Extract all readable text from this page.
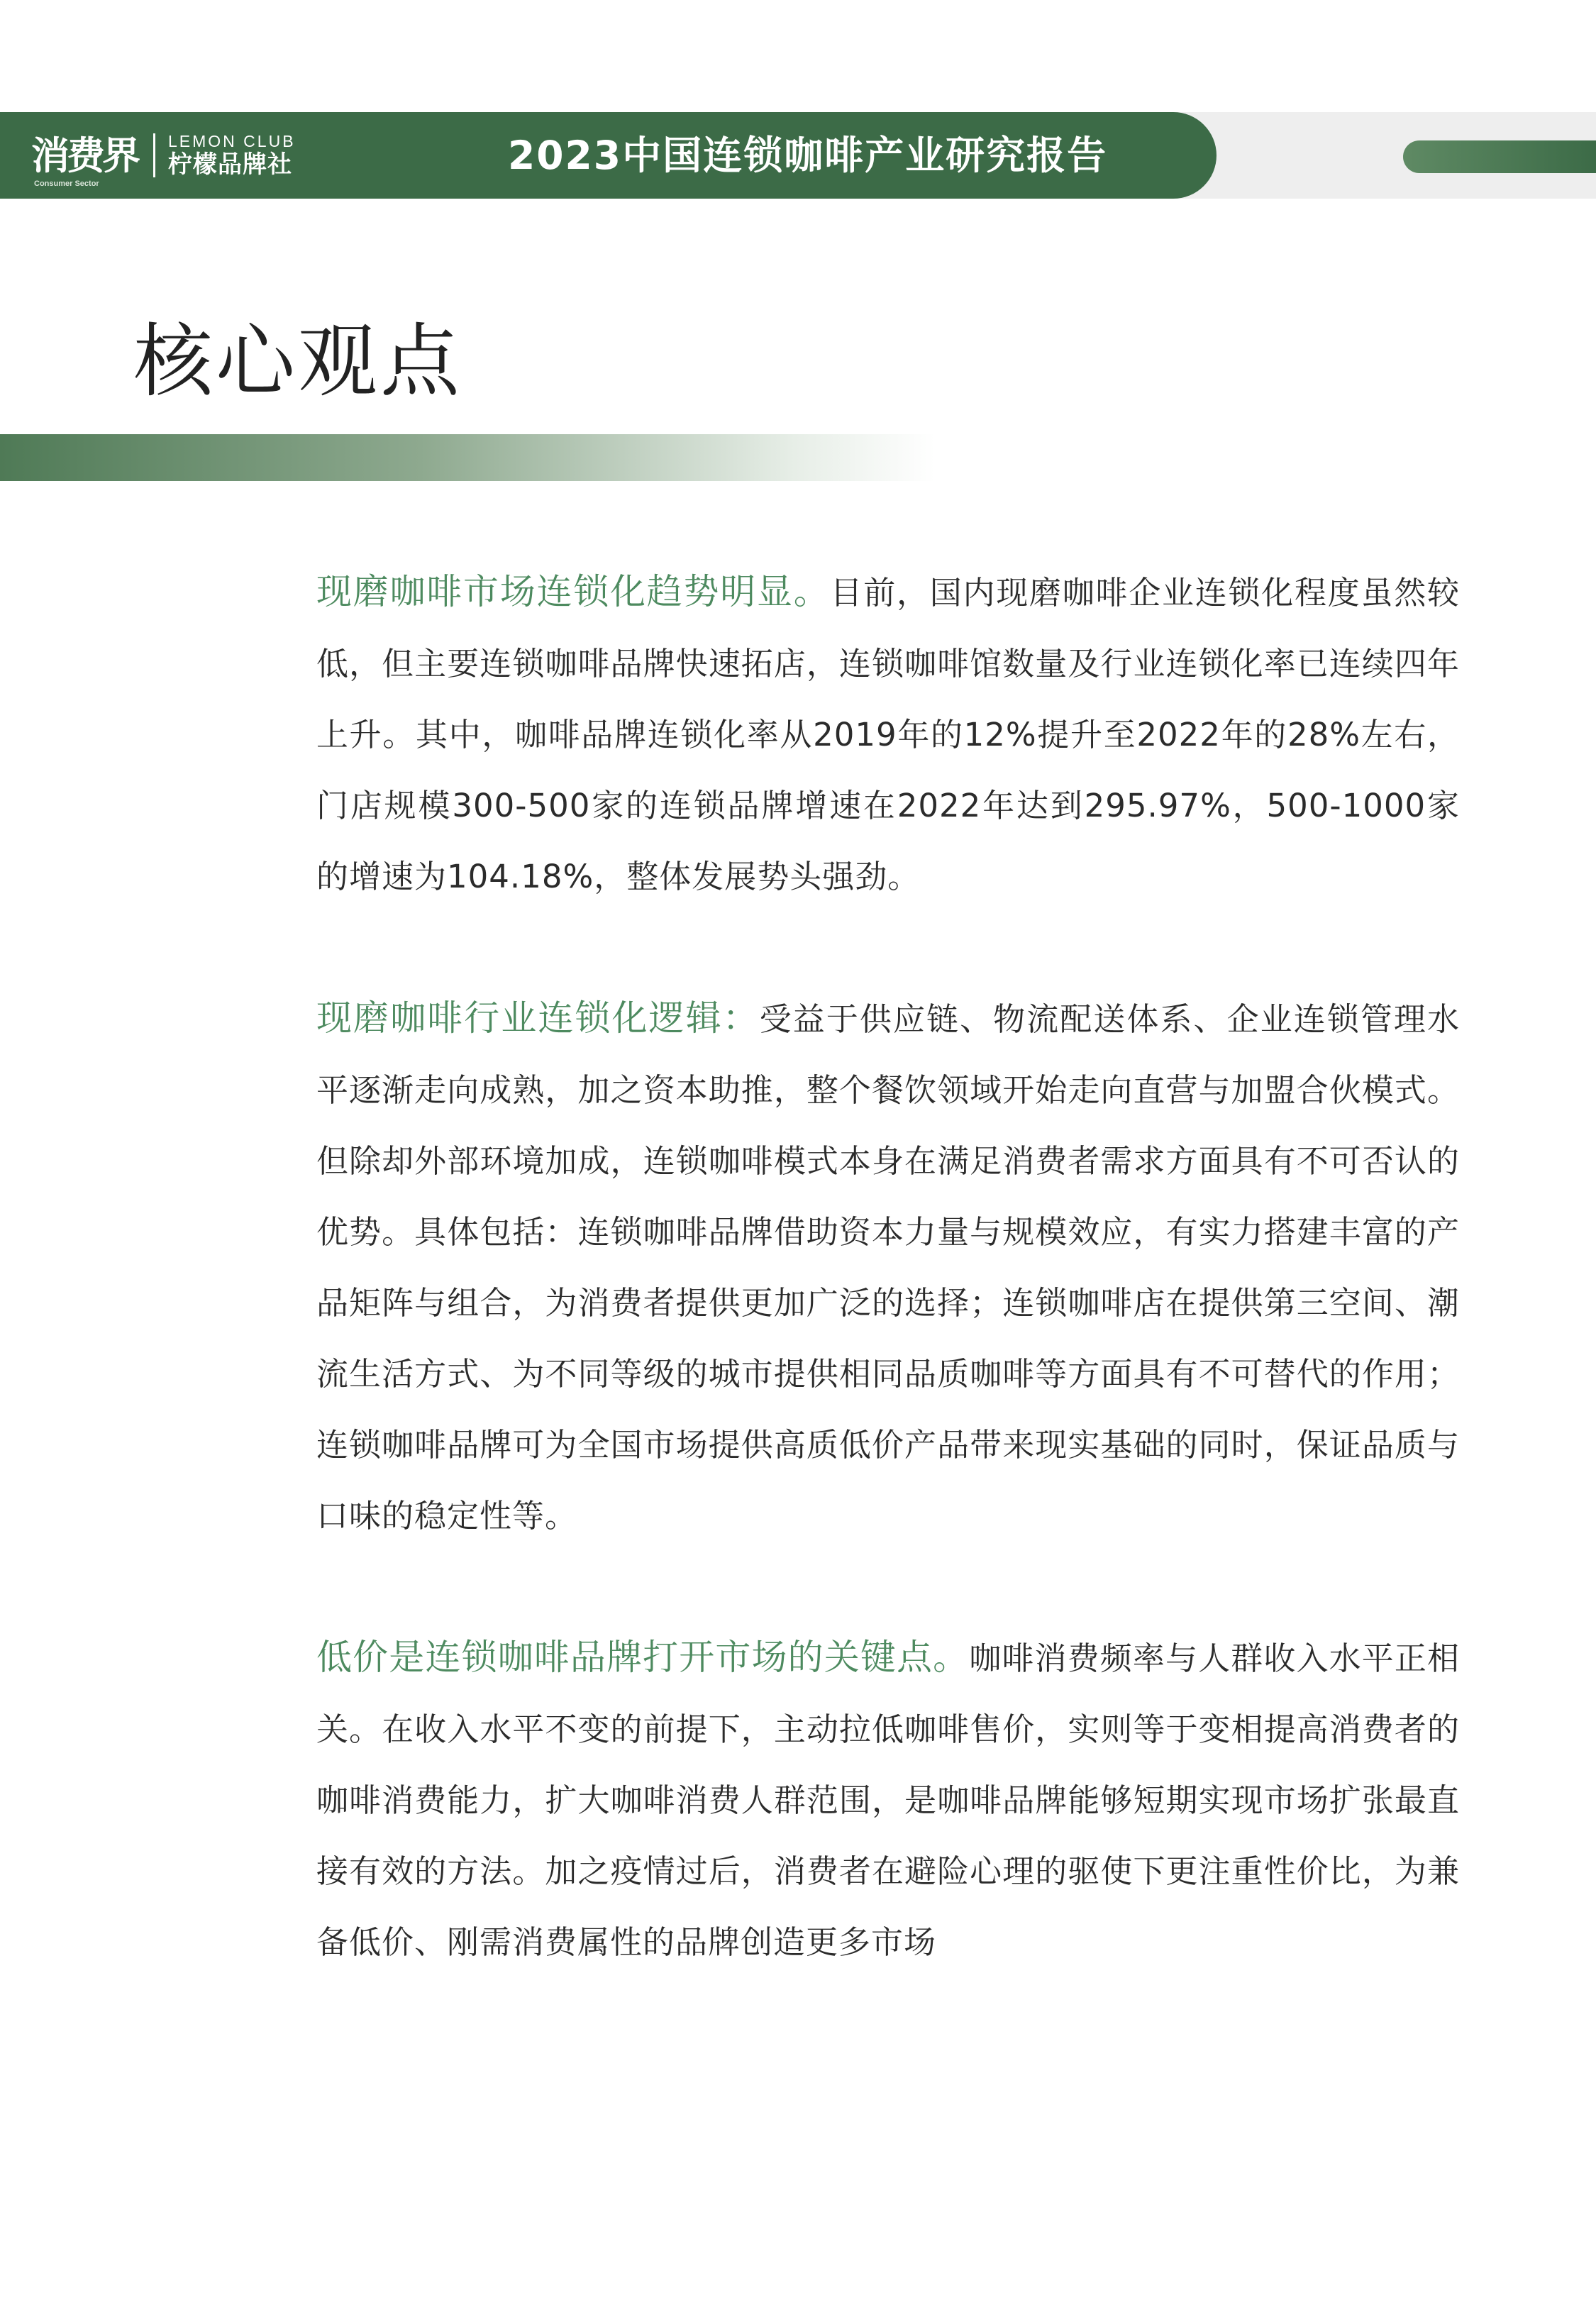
消费界
Consumer Sector
LEMON CLUB
柠檬品牌社	2023中国连锁咖啡产业研究报告
核心观点

现磨咖啡市场连锁化趋势明显。目前，国内现磨咖啡企业连锁化程度虽然较低，但主要连锁咖啡品牌快速拓店，连锁咖啡馆数量及行业连锁化率已连续四年上升。其中，咖啡品牌连锁化率从2019年的12%提升至2022年的28%左右，门店规模300-500家的连锁品牌增速在2022年达到295.97%，500-1000家的增速为104.18%，整体发展势头强劲。

现磨咖啡行业连锁化逻辑：受益于供应链、物流配送体系、企业连锁管理水平逐渐走向成熟，加之资本助推，整个餐饮领域开始走向直营与加盟合伙模式。但除却外部环境加成，连锁咖啡模式本身在满足消费者需求方面具有不可否认的优势。具体包括：连锁咖啡品牌借助资本力量与规模效应，有实力搭建丰富的产品矩阵与组合，为消费者提供更加广泛的选择；连锁咖啡店在提供第三空间、潮流生活方式、为不同等级的城市提供相同品质咖啡等方面具有不可替代的作用；连锁咖啡品牌可为全国市场提供高质低价产品带来现实基础的同时，保证品质与口味的稳定性等。

低价是连锁咖啡品牌打开市场的关键点。咖啡消费频率与人群收入水平正相关。在收入水平不变的前提下，主动拉低咖啡售价，实则等于变相提高消费者的咖啡消费能力，扩大咖啡消费人群范围，是咖啡品牌能够短期实现市场扩张最直接有效的方法。加之疫情过后，消费者在避险心理的驱使下更注重性价比，为兼备低价、刚需消费属性的品牌创造更多市场
